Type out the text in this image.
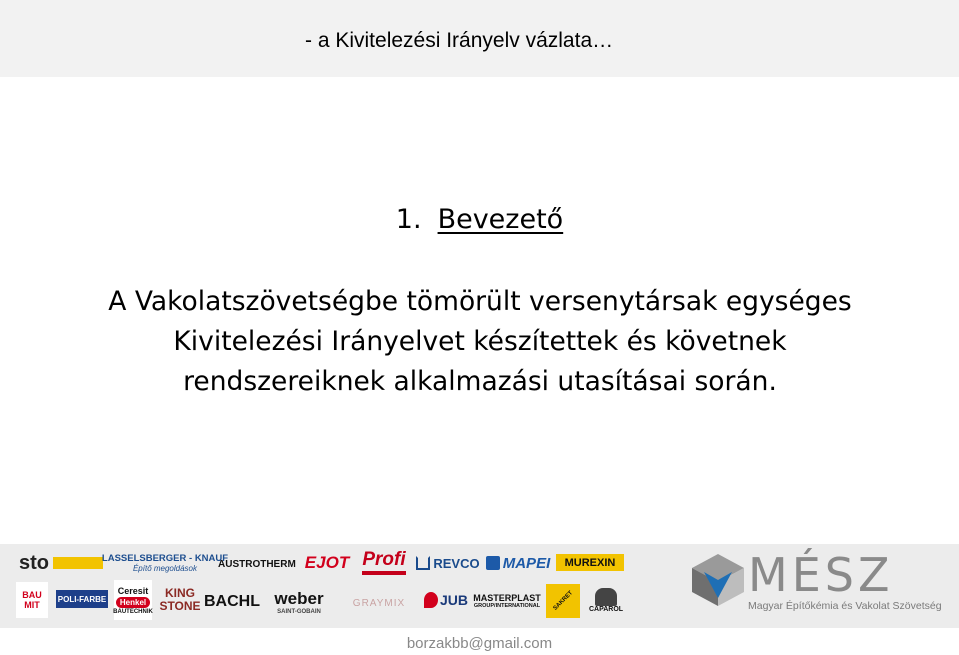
- a Kivitelezési Irányelv vázlata…
1. Bevezető
A Vakolatszövetségbe tömörült versenytársak egységes
Kivitelezési Irányelvet készítettek és követnek
rendszereiknek alkalmazási utasításai során.
sto	LASSELSBERGER - KNAUF
Építő megoldások AUSTROTHERM EJOT Profi REVCO MAPEI MUREXIN
BAU MIT
POLI-FARBE
Ceresit
Henkel
BAUTECHNIK
KING STONE BACHL weber
SAINT-GOBAIN
GRAYMIX JUB MASTERPLAST
GROUP/INTERNATIONAL SAKRET CAPAROL
MÉSZ
Magyar Építőkémia és Vakolat Szövetség
borzakbb@gmail.com
